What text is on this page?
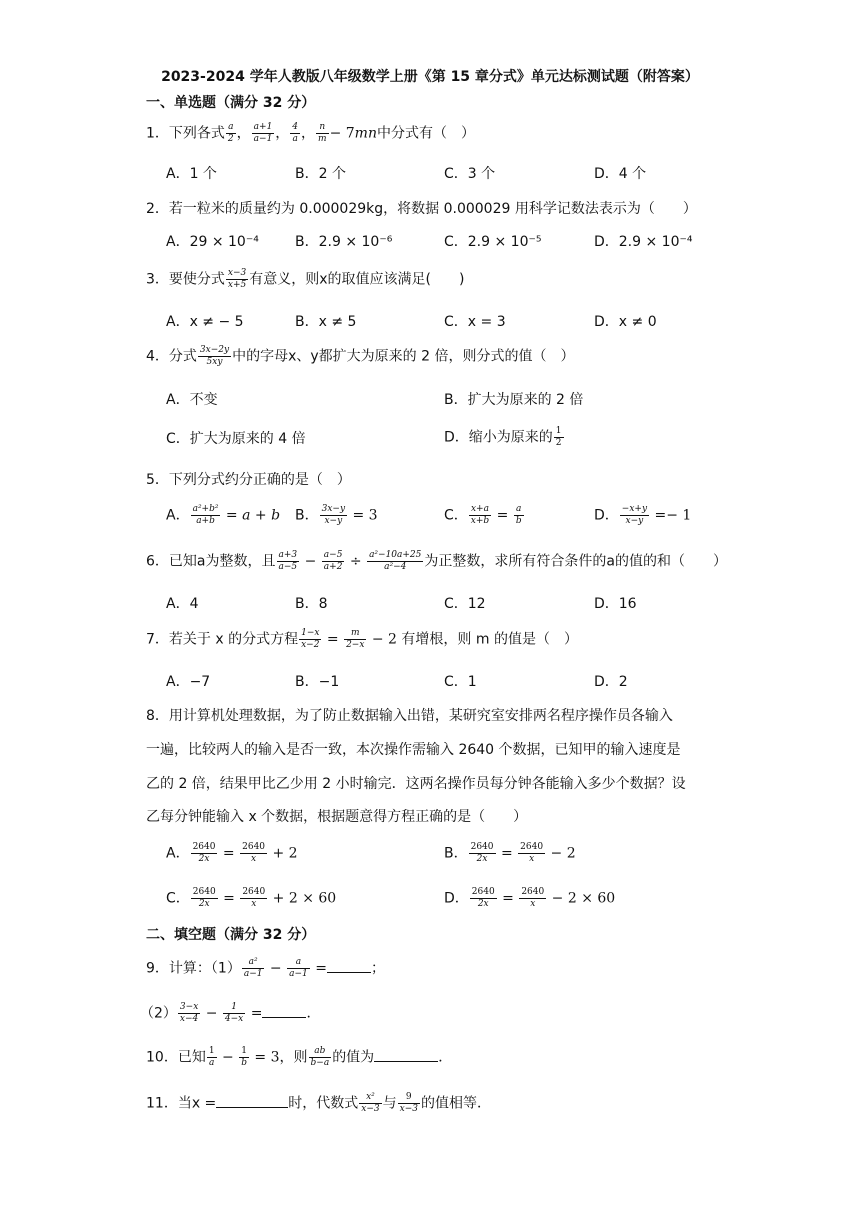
2023-2024 学年人教版八年级数学上册《第 15 章分式》单元达标测试题（附答案）
一、单选题（满分 32 分）
1．下列各式 $\frac{a}{2}$ ， $\frac{a+1}{a-1}$ ， $\frac{4}{a}$ ， $\frac{n}{m} - 7mn$中分式有（　）
A．1 个	B．2 个	C．3 个	D．4 个
2．若一粒米的质量约为 0.000029kg，将数据 0.000029 用科学记数法表示为（　　）
A．29 × 10⁻⁴	B．2.9 × 10⁻⁶	C．2.9 × 10⁻⁵	D．2.9 × 10⁻⁴
3．要使分式 $\frac{x-3}{x+5}$ 有意义，则x的取值应该满足(　　)
A．x ≠ − 5	B．x ≠ 5	C．x = 3	D．x ≠ 0
4．分式 $\frac{3x-2y}{5xy}$ 中的字母x、y都扩大为原来的 2 倍，则分式的值（　）
A．不变	B．扩大为原来的 2 倍
C．扩大为原来的 4 倍	D．缩小为原来的 $\frac{1}{2}$
5．下列分式约分正确的是（　）
A． $\frac{\text{a²+b²}}{a+b} = a + b$ B． $\frac{3x-y}{x-y} = 3$	C． $\frac{x+a}{x+b} = \frac{a}{b}$	D． $\frac{-x+y}{x-y} =- 1$
6．已知a为整数，且 $\frac{a+3}{a-5} - \frac{a-5}{a+2} \div \frac{\text{a²−10a+25}}{\text{a²−4}}$ 为正整数，求所有符合条件的a的值的和（　　）
A．4	B．8	C．12	D．16
7．若关于 x 的分式方程 $\frac{1-x}{x-2} = \frac{m}{2-x} - 2$ 有增根，则 m 的值是（　）
A．−7	B．−1	C．1	D．2
8．用计算机处理数据，为了防止数据输入出错，某研究室安排两名程序操作员各输入
一遍，比较两人的输入是否一致，本次操作需输入 2640 个数据，已知甲的输入速度是
乙的 2 倍，结果甲比乙少用 2 小时输完．这两名操作员每分钟各能输入多少个数据？设
乙每分钟能输入 x 个数据，根据题意得方程正确的是（　　）
A． $\frac{2640}{2x} = \frac{2640}{x} + 2$	B． $\frac{2640}{2x} = \frac{2640}{x} - 2$
C． $\frac{2640}{2x} = \frac{2640}{x} + 2 \times 60$	D． $\frac{2640}{2x} = \frac{2640}{x} - 2 \times 60$
二、填空题（满分 32 分）
9．计算：$(1) \frac{\text{a²}}{a-1} - \frac{a}{a-1}$ =	；
$(2) \frac{3-x}{x-4} - \frac{1}{4-x}$ =	．
10．已知 $\frac{1}{a} - \frac{1}{b} = 3$，则 $\frac{ab}{b-a}$ 的值为	．
11．当x =	时，代数式 $\frac{\text{x²}}{x-3}$ 与 $\frac{9}{x-3}$ 的值相等．
